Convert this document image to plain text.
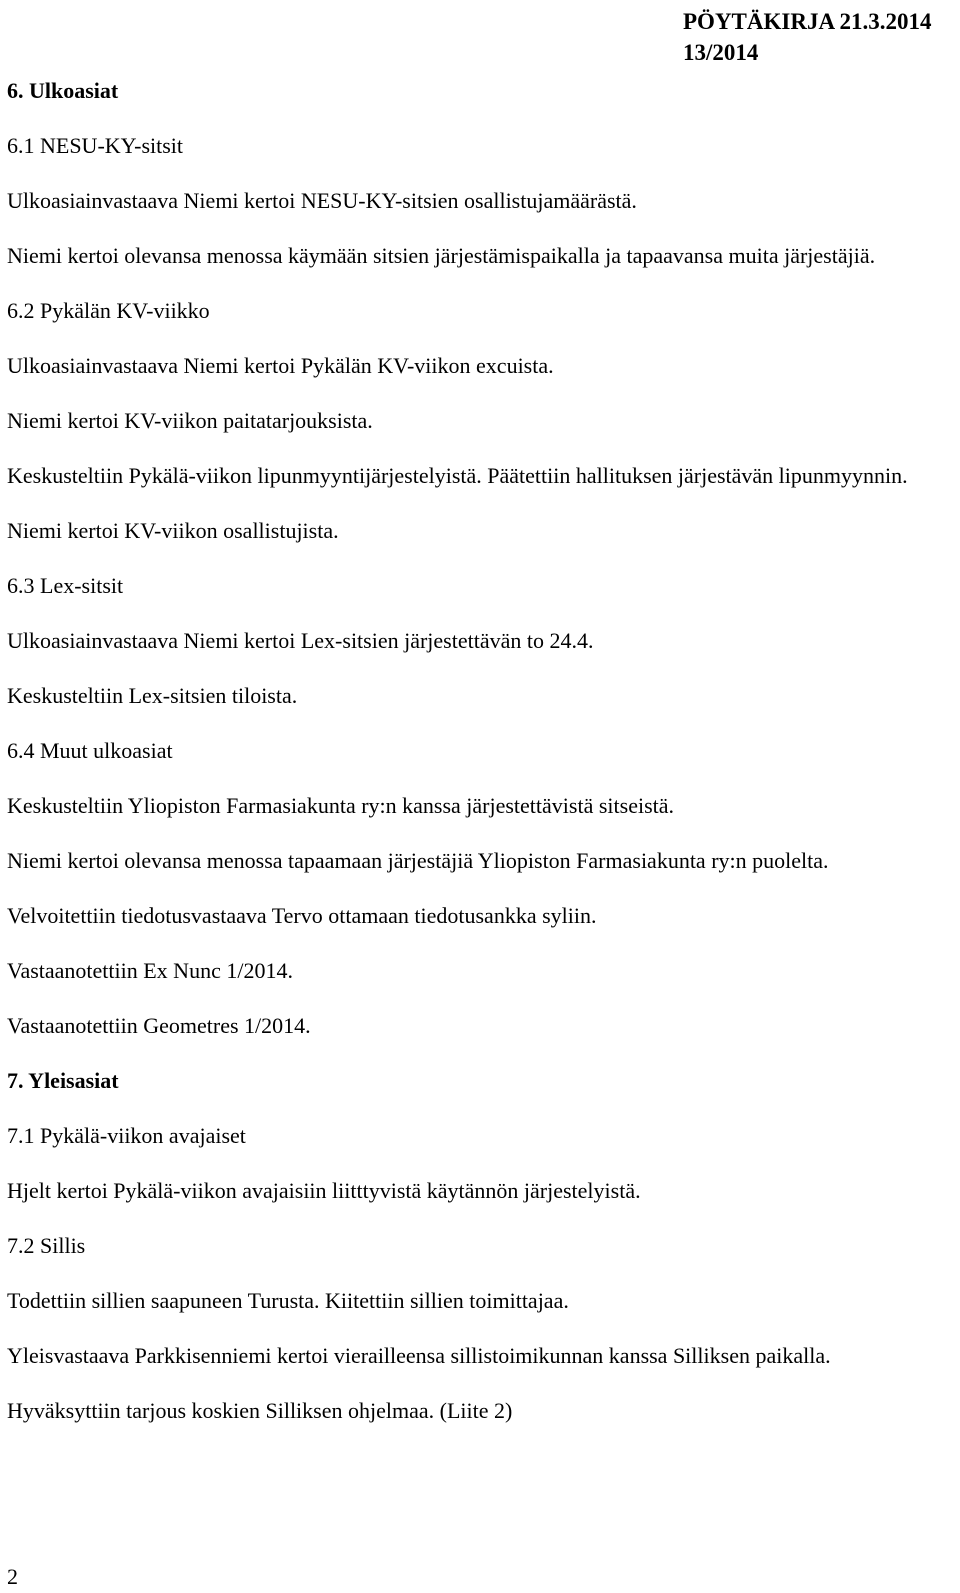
PÖYTÄKIRJA 21.3.2014
13/2014
6. Ulkoasiat
6.1 NESU-KY-sitsit
Ulkoasiainvastaava Niemi kertoi NESU-KY-sitsien osallistujamäärästä.
Niemi kertoi olevansa menossa käymään sitsien järjestämispaikalla ja tapaavansa muita järjestäjiä.
6.2 Pykälän KV-viikko
Ulkoasiainvastaava Niemi kertoi Pykälän KV-viikon excuista.
Niemi kertoi KV-viikon paitatarjouksista.
Keskusteltiin Pykälä-viikon lipunmyyntijärjestelyistä. Päätettiin hallituksen järjestävän lipunmyynnin.
Niemi kertoi KV-viikon osallistujista.
6.3 Lex-sitsit
Ulkoasiainvastaava Niemi kertoi Lex-sitsien järjestettävän to 24.4.
Keskusteltiin Lex-sitsien tiloista.
6.4 Muut ulkoasiat
Keskusteltiin Yliopiston Farmasiakunta ry:n kanssa järjestettävistä sitseistä.
Niemi kertoi olevansa menossa tapaamaan järjestäjiä Yliopiston Farmasiakunta ry:n puolelta.
Velvoitettiin tiedotusvastaava Tervo ottamaan tiedotusankka syliin.
Vastaanotettiin Ex Nunc 1/2014.
Vastaanotettiin Geometres 1/2014.
7. Yleisasiat
7.1 Pykälä-viikon avajaiset
Hjelt kertoi Pykälä-viikon avajaisiin liitttyvistä käytännön järjestelyistä.
7.2 Sillis
Todettiin sillien saapuneen Turusta. Kiitettiin sillien toimittajaa.
Yleisvastaava Parkkisenniemi kertoi vierailleensa sillistoimikunnan kanssa Silliksen paikalla.
Hyväksyttiin tarjous koskien Silliksen ohjelmaa. (Liite 2)
2
